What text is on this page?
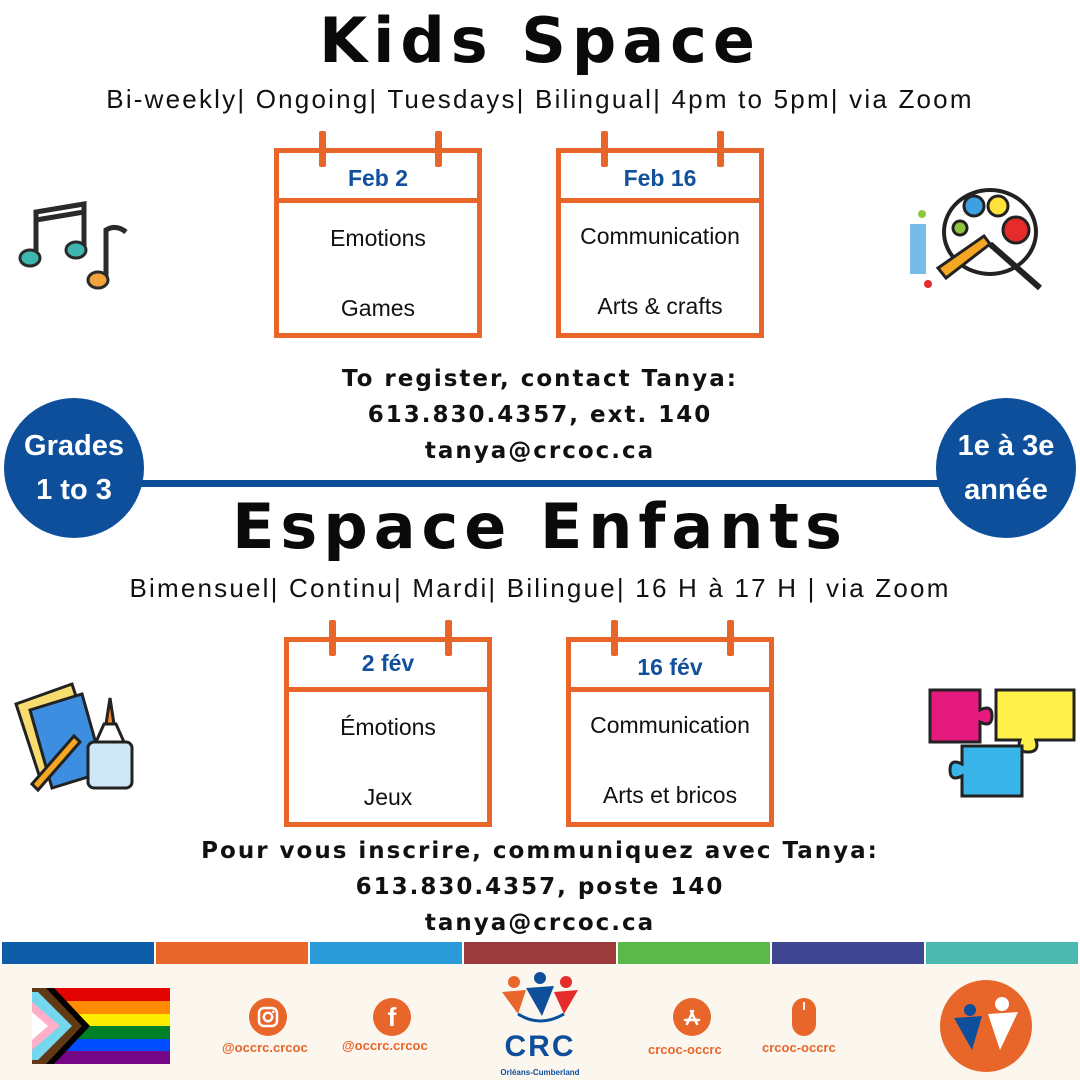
Kids Space
Bi-weekly| Ongoing| Tuesdays| Bilingual| 4pm to 5pm| via Zoom
Feb 2
Emotions
Games
Feb 16
Communication
Arts & crafts
To register, contact Tanya:
613.830.4357, ext. 140
tanya@crcoc.ca
Grades
1 to 3
1e à 3e
année
Espace Enfants
Bimensuel| Continu| Mardi| Bilingue| 16 H à 17 H | via Zoom
2 fév
Émotions
Jeux
16 fév
Communication
Arts et bricos
Pour vous inscrire, communiquez avec Tanya:
613.830.4357, poste 140
tanya@crcoc.ca
@occrc.crcoc
f
@occrc.crcoc	CRC
Orléans-Cumberland
crcoc-occrc	crcoc-occrc
